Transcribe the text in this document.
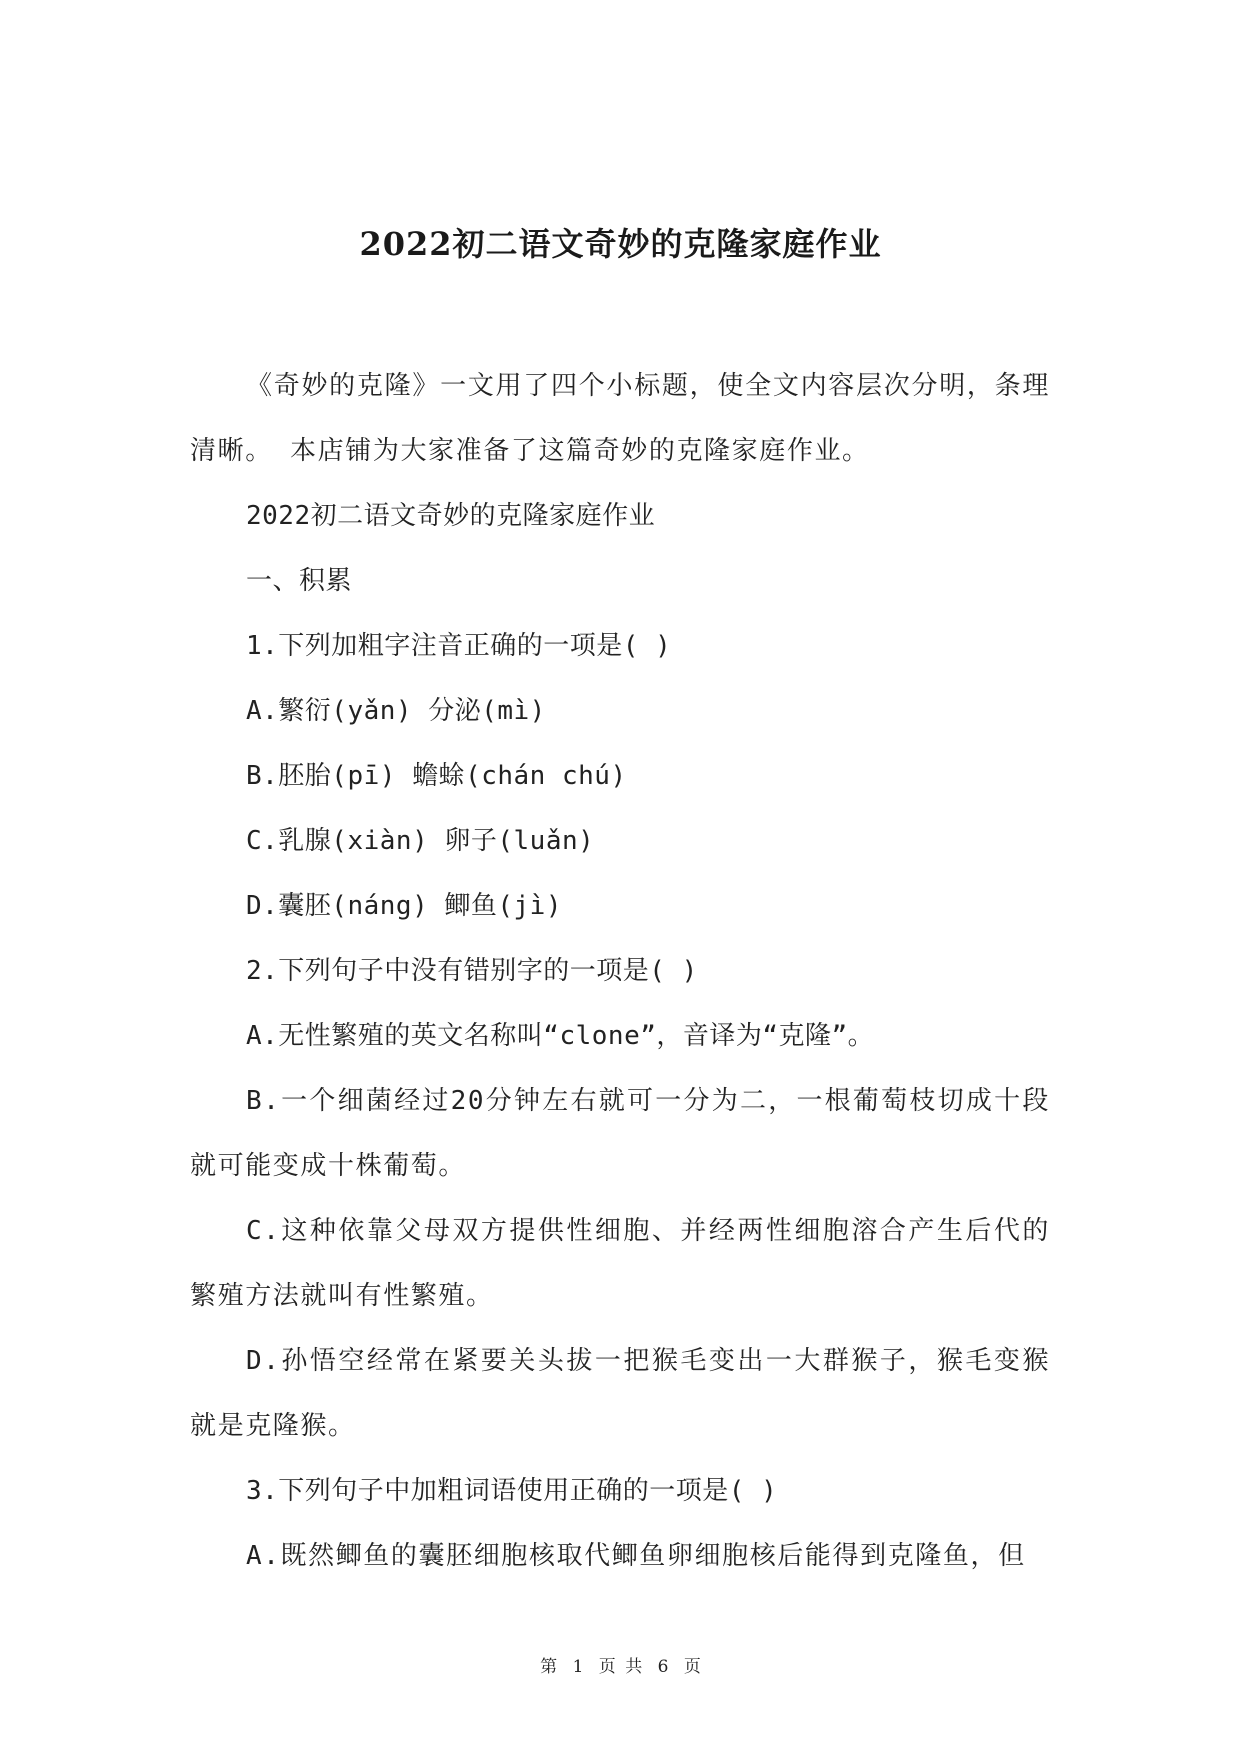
2022初二语文奇妙的克隆家庭作业

《奇妙的克隆》一文用了四个小标题，使全文内容层次分明，条理清晰。 本店铺为大家准备了这篇奇妙的克隆家庭作业。

2022初二语文奇妙的克隆家庭作业

一、积累

1.下列加粗字注音正确的一项是( )

A.繁衍(yǎn) 分泌(mì)

B.胚胎(pī) 蟾蜍(chán chú)

C.乳腺(xiàn) 卵子(luǎn)

D.囊胚(náng) 鲫鱼(jì)

2.下列句子中没有错别字的一项是( )

A.无性繁殖的英文名称叫“clone”，音译为“克隆”。

B.一个细菌经过20分钟左右就可一分为二，一根葡萄枝切成十段就可能变成十株葡萄。

C.这种依靠父母双方提供性细胞、并经两性细胞溶合产生后代的繁殖方法就叫有性繁殖。

D.孙悟空经常在紧要关头拔一把猴毛变出一大群猴子，猴毛变猴就是克隆猴。

3.下列句子中加粗词语使用正确的一项是( )

A.既然鲫鱼的囊胚细胞核取代鲫鱼卵细胞核后能得到克隆鱼，但

第 1 页 共 6 页
